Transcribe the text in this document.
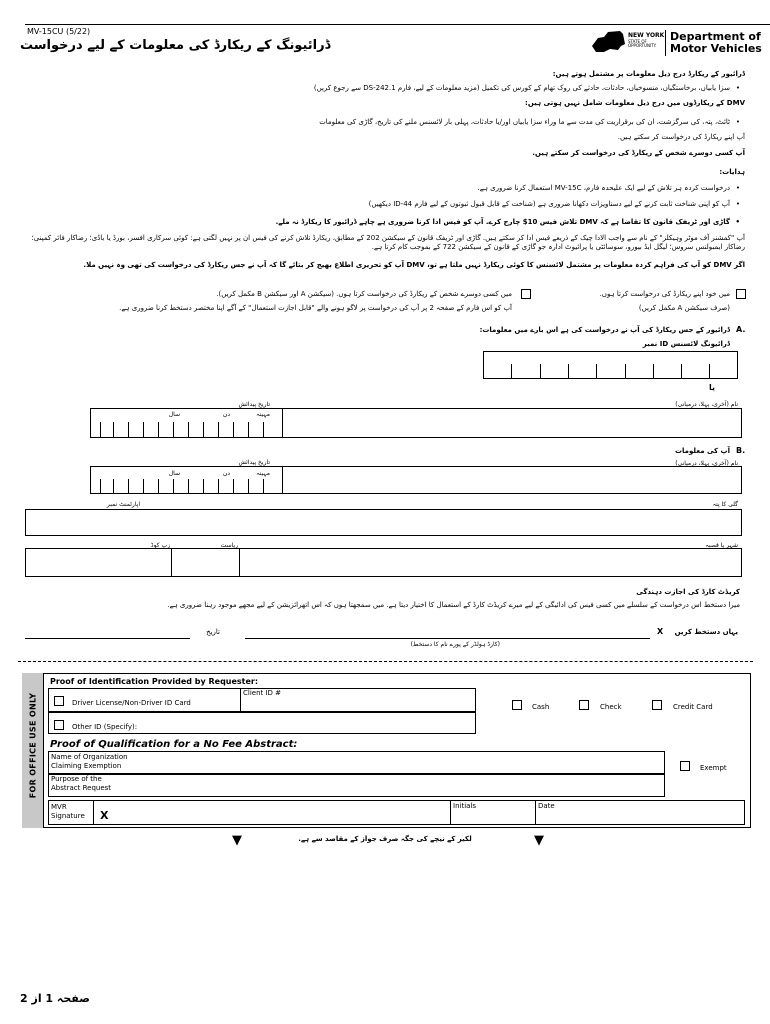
MV-15CU (5/22)
ڈرائیونگ کے ریکارڈ کی معلومات کے لیے درخواست
NEW YORK
STATE OF
OPPORTUNITY.
Department of
Motor Vehicles
ڈرائیور کے ریکارڈ درج ذیل معلومات پر مشتمل ہوتے ہیں:
• سزا یابیاں، برخاستگیاں، منسوخیاں، حادثات، حادثے کی روک تھام کے کورس کی تکمیل (مزید معلومات کے لیے، فارم DS-242.1 سے رجوع کریں)
DMV کے ریکارڈوں میں درج ذیل معلومات شامل نہیں ہوتی ہیں:
• ٹائٹ، پتہ، کی سرگزشت، ان کی برقراریت کی مدت سے ما وراء سزا یابیاں اور/یا حادثات، پہلی بار لائسنس ملنے کی تاریخ، گاڑی کی معلومات
آپ اپنے ریکارڈ کی درخواست کر سکتے ہیں.
آپ کسی دوسرے شخص کے ریکارڈ کی درخواست کر سکتے ہیں.
ہدایات:
• درخواست کردہ ہر تلاش کے لیے ایک علیحدہ فارم، MV-15C استعمال کرنا ضروری ہے.
• آپ کو اپنی شناخت ثابت کرنے کے لیے دستاویزات دکھانا ضروری ہے (شناخت کے قابل قبول ثبوتوں کے لیے فارم ID-44 دیکھیں)
• گاڑی اور ٹریفک قانون کا تقاضا ہے کہ DMV تلاش فیس 10$ چارج کرے. آپ کو فیس ادا کرنا ضروری ہے چاہے ڈرائیور کا ریکارڈ نہ ملے.
آپ "کمشنر آف موٹر وہیکلز" کے نام سے واجب الادا چیک کے ذریعے فیس ادا کر سکتے ہیں. گاڑی اور ٹریفک قانون کے سیکشن 202 کے مطابق، ریکارڈ تلاش کرنے کی فیس ان پر نہیں لگتی ہے: کوئی سرکاری افسر، بورڈ یا باڈی؛ رضاکار فائر کمپنی؛ رضاکار ایمبولنس سروس؛ لیگل ایڈ بیورو، سوسائٹی یا پرائیوٹ ادارہ جو گاڑی کے قانون کے سیکشن 722 کے بموجب کام کرتا ہے.
اگر DMV کو آپ کی فراہم کردہ معلومات پر مشتمل لائسنس کا کوئی ریکارڈ نہیں ملتا ہے تو، DMV آپ کو تحریری اطلاع بھیج کر بتائے گا کہ آپ نے جس ریکارڈ کی درخواست کی تھی وہ نہیں ملا.
میں خود اپنے ریکارڈ کی درخواست کرتا ہوں.
(صرف سیکشن A مکمل کریں)
میں کسی دوسرے شخص کے ریکارڈ کی درخواست کرتا ہوں. (سیکشن A اور سیکشن B مکمل کریں).
آپ کو اس فارم کے صفحہ 2 پر آپ کی درخواست پر لاگو ہونے والے "قابل اجازت استعمال" کے آگے اپنا مختصر دستخط کرنا ضروری ہے.
A.
ڈرائیور کے جس ریکارڈ کی آپ نے درخواست کی ہے اس بارے میں معلومات:
ڈرائیونگ لائسنس ID نمبر
یا
تاریخ پیدائش	نام (آخری، پہلا، درمیانی)
مہینہ
دن
سال
B.
آپ کی معلومات
تاریخ پیدائش	نام (آخری، پہلا، درمیانی)
مہینہ
دن
سال
اپارٹمنٹ نمبر	گلی کا پتہ
زپ کوڈ	ریاست	شہر یا قصبہ
کریڈٹ کارڈ کی اجازت دہندگی
میرا دستخط اس درخواست کے سلسلے میں کسی فیس کی ادائیگی کے لیے میرے کریڈٹ کارڈ کے استعمال کا اختیار دیتا ہے. میں سمجھتا ہوں کہ اس اتھرائزیشن کے لیے مجھے موجود رہنا ضروری ہے.
یہاں دستخط کریں
X
تاریخ
(کارڈ ہولڈر کے پورے نام کا دستخط)
FOR OFFICE USE ONLY
Proof of Identification Provided by Requester:
Driver License/Non-Driver ID Card
Client ID #
Cash	Check	Credit Card
Other ID (Specify):
Proof of Qualification for a No Fee Abstract:
Name of Organization
Claiming Exemption	Exempt
Purpose of the
Abstract Request
MVR
Signature X
Initials	Date
▼	لکیر کے نیچے کی جگہ صرف جواز کے مقاصد سے ہے.	▼
صفحہ 1 از 2
